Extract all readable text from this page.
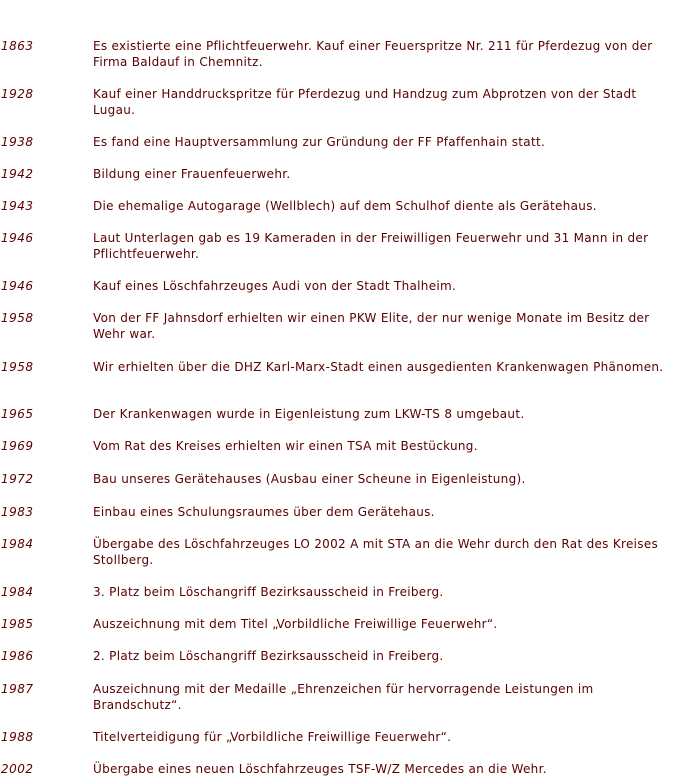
1863	Es existierte eine Pflichtfeuerwehr. Kauf einer Feuerspritze Nr. 211 für Pferdezug von der Firma Baldauf in Chemnitz.
1928	Kauf einer Handdruckspritze für Pferdezug und Handzug zum Abprotzen von der Stadt Lugau.
1938	Es fand eine Hauptversammlung zur Gründung der FF Pfaffenhain statt.
1942	Bildung einer Frauenfeuerwehr.
1943	Die ehemalige Autogarage (Wellblech) auf dem Schulhof diente als Gerätehaus.
1946	Laut Unterlagen gab es 19 Kameraden in der Freiwilligen Feuerwehr und 31 Mann in der Pflichtfeuerwehr.
1946	Kauf eines Löschfahrzeuges Audi von der Stadt Thalheim.
1958	Von der FF Jahnsdorf erhielten wir einen PKW Elite, der nur wenige Monate im Besitz der Wehr war.
1958	Wir erhielten über die DHZ Karl-Marx-Stadt einen ausgedienten Krankenwagen Phänomen.
1965	Der Krankenwagen wurde in Eigenleistung zum LKW-TS 8 umgebaut.
1969	Vom Rat des Kreises erhielten wir einen TSA mit Bestückung.
1972	Bau unseres Gerätehauses (Ausbau einer Scheune in Eigenleistung).
1983	Einbau eines Schulungsraumes über dem Gerätehaus.
1984	Übergabe des Löschfahrzeuges LO 2002 A mit STA an die Wehr durch den Rat des Kreises Stollberg.
1984	3. Platz beim Löschangriff Bezirksausscheid in Freiberg.
1985	Auszeichnung mit dem Titel „Vorbildliche Freiwillige Feuerwehr“.
1986	2. Platz beim Löschangriff Bezirksausscheid in Freiberg.
1987	Auszeichnung mit der Medaille „Ehrenzeichen für hervorragende Leistungen im Brandschutz“.
1988	Titelverteidigung für „Vorbildliche Freiwillige Feuerwehr“.
2002	Übergabe eines neuen Löschfahrzeuges TSF-W/Z Mercedes an die Wehr.
